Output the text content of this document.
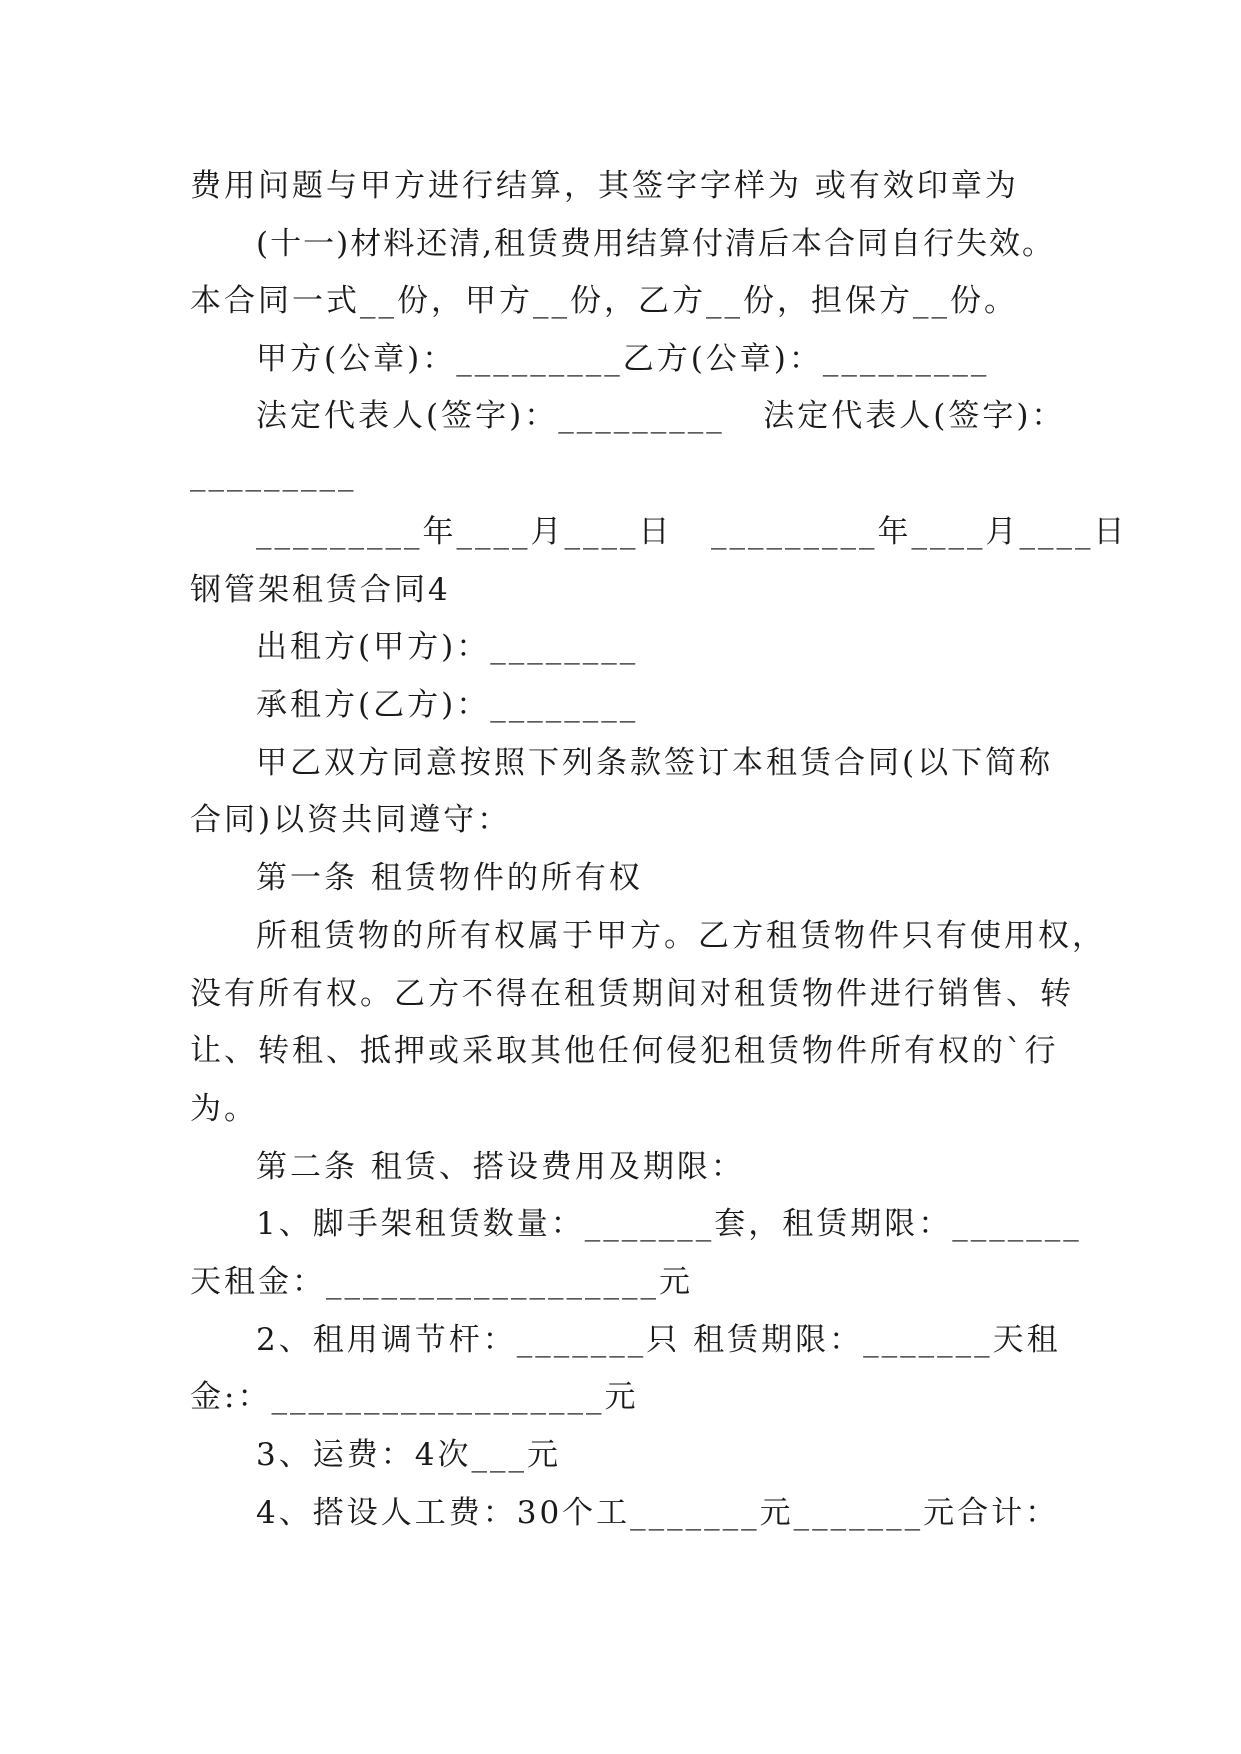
费用问题与甲方进行结算，其签字字样为 或有效印章为
(十一)材料还清,租赁费用结算付清后本合同自行失效。
本合同一式__份，甲方__份，乙方__份，担保方__份。
甲方(公章)：_________乙方(公章)：_________
法定代表人(签字)：_________   法定代表人(签字)：
_________
_________年____月____日   _________年____月____日
钢管架租赁合同4
出租方(甲方)：________
承租方(乙方)：________
甲乙双方同意按照下列条款签订本租赁合同(以下简称
合同)以资共同遵守：
第一条 租赁物件的所有权
所租赁物的所有权属于甲方。乙方租赁物件只有使用权，
没有所有权。乙方不得在租赁期间对租赁物件进行销售、转
让、转租、抵押或采取其他任何侵犯租赁物件所有权的`行
为。
第二条 租赁、搭设费用及期限：
1、脚手架租赁数量：_______套，租赁期限：_______
天租金：__________________元
2、租用调节杆：_______只 租赁期限：_______天租
金:：__________________元
3、运费：4次___元
4、搭设人工费：30个工_______元_______元合计：
